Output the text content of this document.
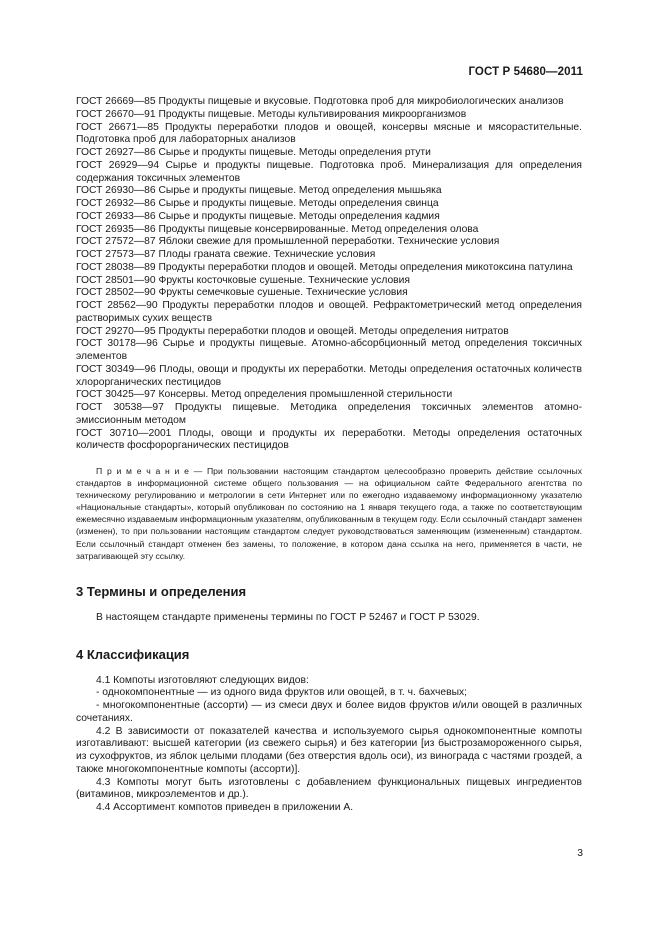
ГОСТ Р 54680—2011

ГОСТ 26669—85 Продукты пищевые и вкусовые. Подготовка проб для микробиологических анализов

ГОСТ 26670—91 Продукты пищевые. Методы культивирования микроорганизмов

ГОСТ 26671—85 Продукты переработки плодов и овощей, консервы мясные и мясорастительные. Подготовка проб для лабораторных анализов

ГОСТ 26927—86 Сырье и продукты пищевые. Методы определения ртути

ГОСТ 26929—94 Сырье и продукты пищевые. Подготовка проб. Минерализация для определения содержания токсичных элементов

ГОСТ 26930—86 Сырье и продукты пищевые. Метод определения мышьяка

ГОСТ 26932—86 Сырье и продукты пищевые. Методы определения свинца

ГОСТ 26933—86 Сырье и продукты пищевые. Методы определения кадмия

ГОСТ 26935—86 Продукты пищевые консервированные. Метод определения олова

ГОСТ 27572—87 Яблоки свежие для промышленной переработки. Технические условия

ГОСТ 27573—87 Плоды граната свежие. Технические условия

ГОСТ 28038—89 Продукты переработки плодов и овощей. Методы определения микотоксина патулина

ГОСТ 28501—90 Фрукты косточковые сушеные. Технические условия

ГОСТ 28502—90 Фрукты семечковые сушеные. Технические условия

ГОСТ 28562—90 Продукты переработки плодов и овощей. Рефрактометрический метод определения растворимых сухих веществ

ГОСТ 29270—95 Продукты переработки плодов и овощей. Методы определения нитратов

ГОСТ 30178—96 Сырье и продукты пищевые. Атомно-абсорбционный метод определения токсичных элементов

ГОСТ 30349—96 Плоды, овощи и продукты их переработки. Методы определения остаточных количеств хлорорганических пестицидов

ГОСТ 30425—97 Консервы. Метод определения промышленной стерильности

ГОСТ 30538—97 Продукты пищевые. Методика определения токсичных элементов атомно-эмиссионным методом

ГОСТ 30710—2001 Плоды, овощи и продукты их переработки. Методы определения остаточных количеств фосфорорганических пестицидов

П р и м е ч а н и е — При пользовании настоящим стандартом целесообразно проверить действие ссылочных стандартов в информационной системе общего пользования — на официальном сайте Федерального агентства по техническому регулированию и метрологии в сети Интернет или по ежегодно издаваемому информационному указателю «Национальные стандарты», который опубликован по состоянию на 1 января текущего года, а также по соответствующим ежемесячно издаваемым информационным указателям, опубликованным в текущем году. Если ссылочный стандарт заменен (изменен), то при пользовании настоящим стандартом следует руководствоваться заменяющим (измененным) стандартом. Если ссылочный стандарт отменен без замены, то положение, в котором дана ссылка на него, применяется в части, не затрагивающей эту ссылку.

3 Термины и определения

В настоящем стандарте применены термины по ГОСТ Р 52467 и ГОСТ Р 53029.

4 Классификация

4.1 Компоты изготовляют следующих видов:

- однокомпонентные — из одного вида фруктов или овощей, в т. ч. бахчевых;

- многокомпонентные (ассорти) — из смеси двух и более видов фруктов и/или овощей в различных сочетаниях.

4.2 В зависимости от показателей качества и используемого сырья однокомпонентные компоты изготавливают: высшей категории (из свежего сырья) и без категории [из быстрозамороженного сырья, из сухофруктов, из яблок целыми плодами (без отверстия вдоль оси), из винограда с частями гроздей, а также многокомпонентные компоты (ассорти)].

4.3 Компоты могут быть изготовлены с добавлением функциональных пищевых ингредиентов (витаминов, микроэлементов и др.).

4.4 Ассортимент компотов приведен в приложении А.

3
